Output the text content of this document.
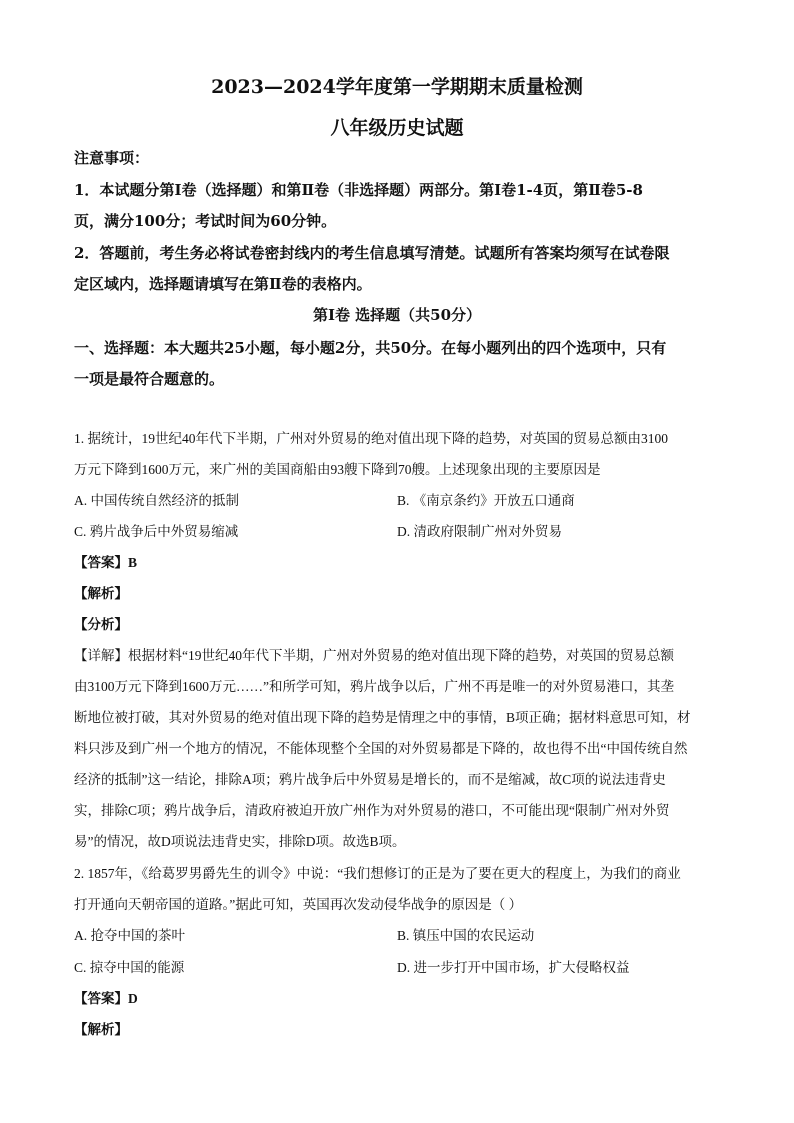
2023—2024学年度第一学期期末质量检测
八年级历史试题
注意事项：
1．本试题分第Ⅰ卷（选择题）和第Ⅱ卷（非选择题）两部分。第Ⅰ卷1-4页，第Ⅱ卷5-8
页，满分100分；考试时间为60分钟。
2．答题前，考生务必将试卷密封线内的考生信息填写清楚。试题所有答案均须写在试卷限
定区域内，选择题请填写在第Ⅱ卷的表格内。
第Ⅰ卷 选择题（共50分）
一、选择题：本大题共25小题，每小题2分，共50分。在每小题列出的四个选项中，只有
一项是最符合题意的。
1. 据统计，19世纪40年代下半期，广州对外贸易的绝对值出现下降的趋势，对英国的贸易总额由3100
万元下降到1600万元，来广州的美国商船由93艘下降到70艘。上述现象出现的主要原因是
A. 中国传统自然经济的抵制	B. 《南京条约》开放五口通商
C. 鸦片战争后中外贸易缩减	D. 清政府限制广州对外贸易
【答案】B
【解析】
【分析】
【详解】根据材料“19世纪40年代下半期，广州对外贸易的绝对值出现下降的趋势，对英国的贸易总额
由3100万元下降到1600万元……”和所学可知，鸦片战争以后，广州不再是唯一的对外贸易港口，其垄
断地位被打破，其对外贸易的绝对值出现下降的趋势是情理之中的事情，B项正确；据材料意思可知，材
料只涉及到广州一个地方的情况，不能体现整个全国的对外贸易都是下降的，故也得不出“中国传统自然
经济的抵制”这一结论，排除A项；鸦片战争后中外贸易是增长的，而不是缩减，故C项的说法违背史
实，排除C项；鸦片战争后，清政府被迫开放广州作为对外贸易的港口，不可能出现“限制广州对外贸
易”的情况，故D项说法违背史实，排除D项。故选B项。
2. 1857年，《给葛罗男爵先生的训令》中说：“我们想修订的正是为了要在更大的程度上，为我们的商业
打开通向天朝帝国的道路。”据此可知，英国再次发动侵华战争的原因是（ ）
A. 抢夺中国的茶叶	B. 镇压中国的农民运动
C. 掠夺中国的能源	D. 进一步打开中国市场，扩大侵略权益
【答案】D
【解析】
